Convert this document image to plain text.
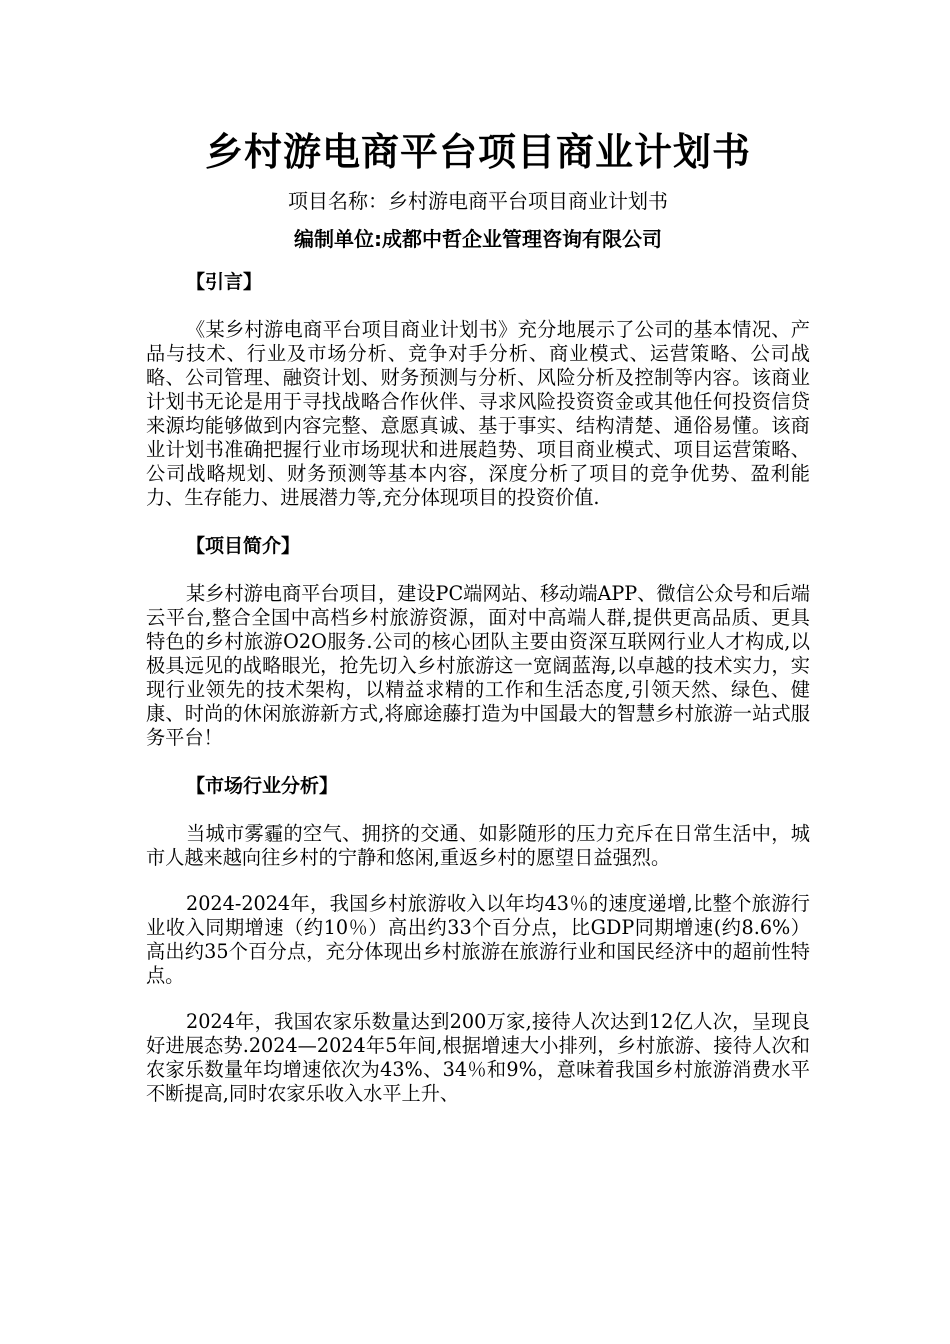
乡村游电商平台项目商业计划书
项目名称：乡村游电商平台项目商业计划书
编制单位:成都中哲企业管理咨询有限公司
【引言】
《某乡村游电商平台项目商业计划书》充分地展示了公司的基本情况、产品与技术、行业及市场分析、竞争对手分析、商业模式、运营策略、公司战略、公司管理、融资计划、财务预测与分析、风险分析及控制等内容。该商业计划书无论是用于寻找战略合作伙伴、寻求风险投资资金或其他任何投资信贷来源均能够做到内容完整、意愿真诚、基于事实、结构清楚、通俗易懂。该商业计划书准确把握行业市场现状和进展趋势、项目商业模式、项目运营策略、公司战略规划、财务预测等基本内容，深度分析了项目的竞争优势、盈利能力、生存能力、进展潜力等,充分体现项目的投资价值.
【项目简介】
某乡村游电商平台项目，建设PC端网站、移动端APP、微信公众号和后端云平台,整合全国中高档乡村旅游资源，面对中高端人群,提供更高品质、更具特色的乡村旅游O2O服务.公司的核心团队主要由资深互联网行业人才构成,以极具远见的战略眼光，抢先切入乡村旅游这一宽阔蓝海,以卓越的技术实力，实现行业领先的技术架构，以精益求精的工作和生活态度,引领天然、绿色、健康、时尚的休闲旅游新方式,将廊途藤打造为中国最大的智慧乡村旅游一站式服务平台！
【市场行业分析】
当城市雾霾的空气、拥挤的交通、如影随形的压力充斥在日常生活中，城市人越来越向往乡村的宁静和悠闲,重返乡村的愿望日益强烈。
2024-2024年，我国乡村旅游收入以年均43％的速度递增,比整个旅游行业收入同期增速（约10％）高出约33个百分点，比GDP同期增速(约8.6%）高出约35个百分点，充分体现出乡村旅游在旅游行业和国民经济中的超前性特点。
2024年，我国农家乐数量达到200万家,接待人次达到12亿人次，呈现良好进展态势.2024—2024年5年间,根据增速大小排列，乡村旅游、接待人次和农家乐数量年均增速依次为43%、34％和9%，意味着我国乡村旅游消费水平不断提高,同时农家乐收入水平上升、
